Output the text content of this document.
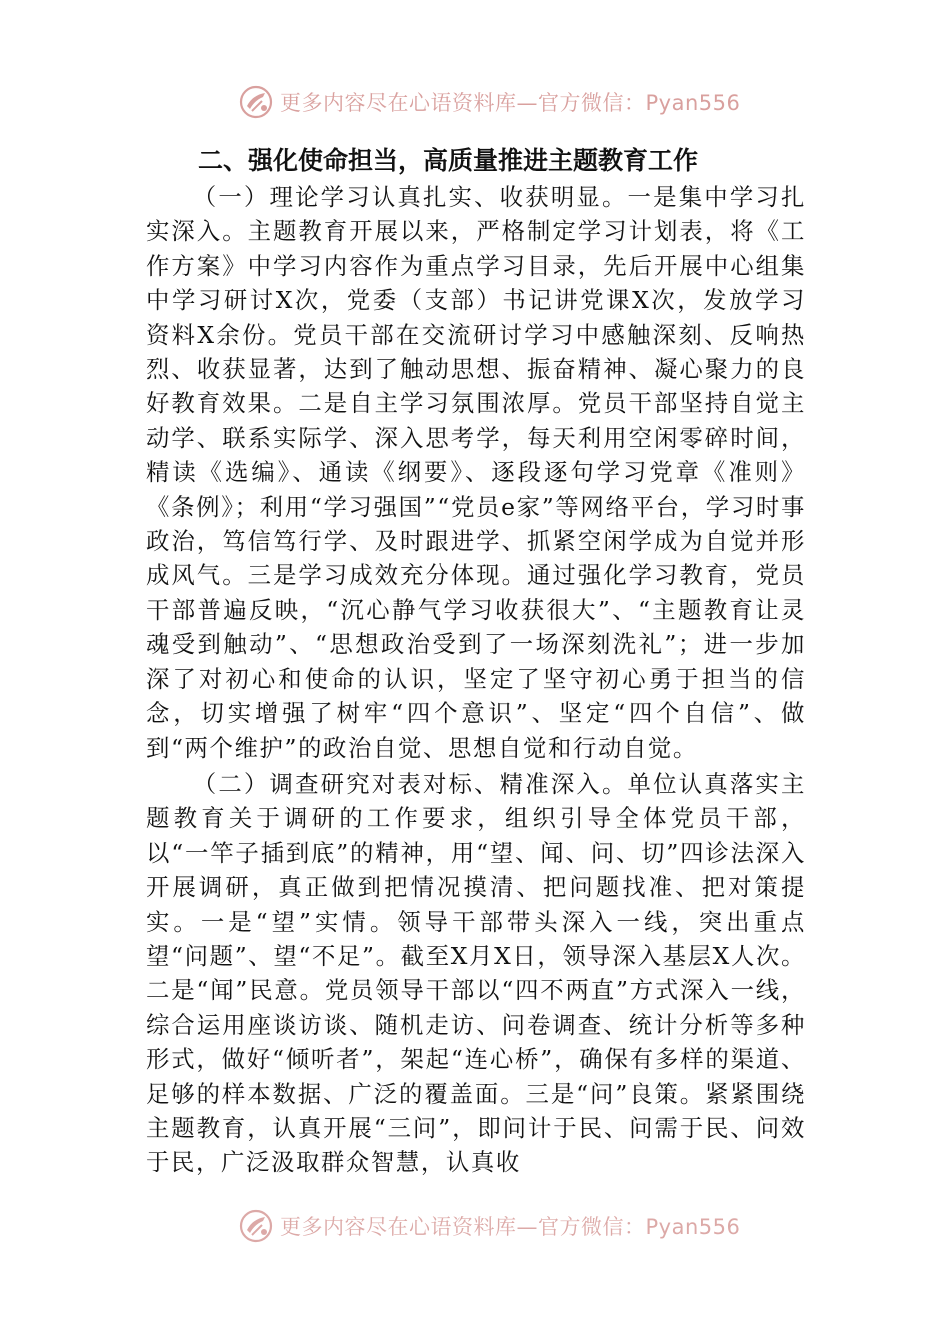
更多内容尽在心语资料库—官方微信：Pyan556
二、强化使命担当，高质量推进主题教育工作

（一）理论学习认真扎实、收获明显。一是集中学习扎实深入。主题教育开展以来，严格制定学习计划表，将《工作方案》中学习内容作为重点学习目录，先后开展中心组集中学习研讨X次，党委（支部）书记讲党课X次，发放学习资料X余份。党员干部在交流研讨学习中感触深刻、反响热烈、收获显著，达到了触动思想、振奋精神、凝心聚力的良好教育效果。二是自主学习氛围浓厚。党员干部坚持自觉主动学、联系实际学、深入思考学，每天利用空闲零碎时间，精读《选编》、通读《纲要》、逐段逐句学习党章《准则》《条例》；利用“学习强国”“党员e家”等网络平台，学习时事政治，笃信笃行学、及时跟进学、抓紧空闲学成为自觉并形成风气。三是学习成效充分体现。通过强化学习教育，党员干部普遍反映，“沉心静气学习收获很大”、“主题教育让灵魂受到触动”、“思想政治受到了一场深刻洗礼”；进一步加深了对初心和使命的认识，坚定了坚守初心勇于担当的信念，切实增强了树牢“四个意识”、坚定“四个自信”、做到“两个维护”的政治自觉、思想自觉和行动自觉。

（二）调查研究对表对标、精准深入。单位认真落实主题教育关于调研的工作要求，组织引导全体党员干部，以“一竿子插到底”的精神，用“望、闻、问、切”四诊法深入开展调研，真正做到把情况摸清、把问题找准、把对策提实。一是“望”实情。领导干部带头深入一线，突出重点望“问题”、望“不足”。截至X月X日，领导深入基层X人次。二是“闻”民意。党员领导干部以“四不两直”方式深入一线，综合运用座谈访谈、随机走访、问卷调查、统计分析等多种形式，做好“倾听者”，架起“连心桥”，确保有多样的渠道、足够的样本数据、广泛的覆盖面。三是“问”良策。紧紧围绕主题教育，认真开展“三问”，即问计于民、问需于民、问效于民，广泛汲取群众智慧，认真收

更多内容尽在心语资料库—官方微信：Pyan556
